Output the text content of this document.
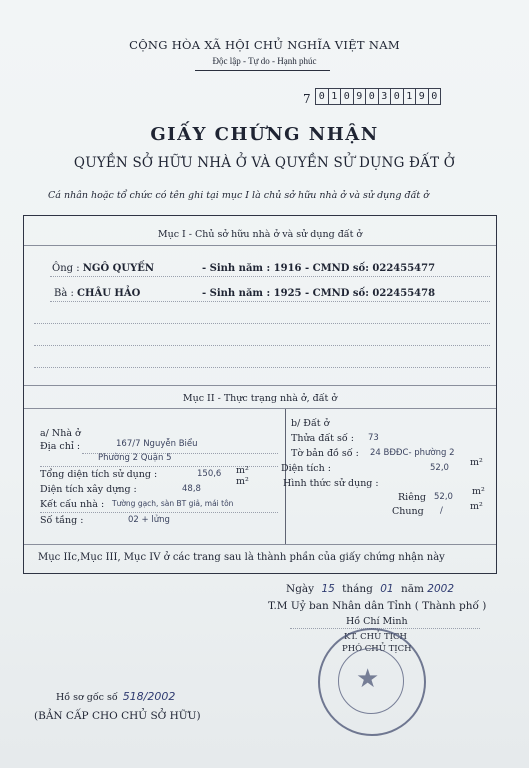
CỘNG HÒA XÃ HỘI CHỦ NGHĨA VIỆT NAM
Độc lập - Tự do - Hạnh phúc
7 0 1 0 9 0 3 0 1 9 0
GIẤY CHỨNG NHẬN
QUYỀN SỞ HỮU NHÀ Ở VÀ QUYỀN SỬ DỤNG ĐẤT Ở
Cá nhân hoặc tổ chức có tên ghi tại mục I là chủ sở hữu nhà ở và sử dụng đất ở
Mục I - Chủ sở hữu nhà ở và sử dụng đất ở
Ông : NGÔ QUYẾN	- Sinh năm : 1916 - CMND số: 022455477
Bà : CHÂU HẢO	- Sinh năm : 1925 - CMND số: 022455478
Mục II - Thực trạng nhà ở, đất ở
a/ Nhà ở
Địa chỉ :	167/7 Nguyễn Biểu
Phường 2 Quận 5
Tổng diện tích sử dụng :	150,6 m²
Diện tích xây dựng :	48,8
m²
Kết cấu nhà : Tường gạch, sàn BT giả, mái tôn
Số tầng :	02 + lửng
b/ Đất ở
Thửa đất số : 73
Tờ bản đồ số : 24 BĐĐC- phường 2
Diện tích :	52,0 m²
Hình thức sử dụng :
Riêng 52,0 m²
Chung /	m²
Mục IIc,Mục III, Mục IV ở các trang sau là thành phần của giấy chứng nhận này
Ngày 15 tháng 01 năm 2002
T.M Uỷ ban Nhân dân Tỉnh ( Thành phố )
Hồ Chí Minh
KT. CHỦ TỊCH
PHÓ CHỦ TỊCH
★
Hồ sơ gốc số 518/2002
(BẢN CẤP CHO CHỦ SỞ HỮU)
